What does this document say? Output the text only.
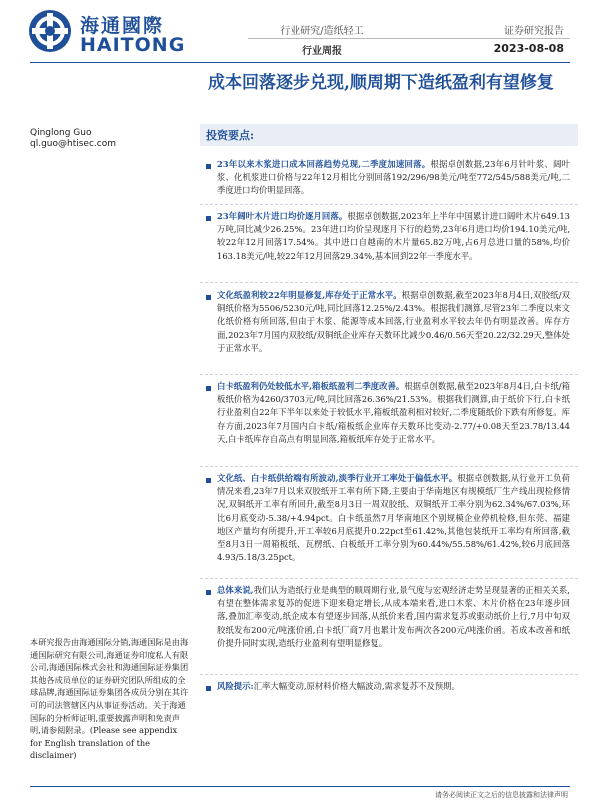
海通國際
HAITONG
行业研究/造纸轻工
行业周报
证券研究报告
2023-08-08
成本回落逐步兑现,顺周期下造纸盈利有望修复
Qinglong Guo
ql.guo@htisec.com
投资要点:
23年以来木浆进口成本回落趋势兑现,二季度加速回落。根据卓创数据,23年6月针叶浆、阔叶浆、化机浆进口价格与22年12月相比分别回落192/296/98美元/吨至772/545/588美元/吨,二季度进口均价明显回落。
23年阔叶木片进口均价逐月回落。根据卓创数据,2023年上半年中国累计进口阔叶木片649.13万吨,同比减少26.25%。23年进口均价呈现逐月下行的趋势,23年6月进口均价194.10美元/吨,较22年12月回落17.54%。其中进口自越南的木片量65.82万吨,占6月总进口量的58%,均价163.18美元/吨,较22年12月回落29.34%,基本回到22年一季度水平。
文化纸盈利较22年明显修复,库存处于正常水平。根据卓创数据,截至2023年8月4日,双胶纸/双铜纸价格为5506/5230元/吨,同比回落12.25%/2.43%。根据我们测算,尽管23年二季度以来文化纸价格有所回落,但由于木浆、能源等成本回落,行业盈利水平较去年仍有明显改善。库存方面,2023年7月国内双胶纸/双铜纸企业库存天数环比减少0.46/0.56天至20.22/32.29天,整体处于正常水平。
白卡纸盈利仍处较低水平,箱板纸盈利二季度改善。根据卓创数据,截至2023年8月4日,白卡纸/箱板纸价格为4260/3703元/吨,同比回落26.36%/21.53%。根据我们测算,由于纸价下行,白卡纸行业盈利自22年下半年以来处于较低水平,箱板纸盈利相对较好,二季度随纸价下跌有所修复。库存方面,2023年7月国内白卡纸/箱板纸企业库存天数环比变动-2.77/+0.08天至23.78/13.44天,白卡纸库存自高点有明显回落,箱板纸库存处于正常水平。
文化纸、白卡纸供给端有所波动,淡季行业开工率处于偏低水平。根据卓创数据,从行业开工负荷情况来看,23年7月以来双胶纸开工率有所下降,主要由于华南地区有规模纸厂生产线出现检修情况,双铜纸开工率有所回升,截至8月3日一周双胶纸、双铜纸开工率分别为62.34%/67.03%,环比6月底变动-5.38/+4.94pct。白卡纸虽然7月华南地区个别规模企业停机检修,但东莞、福建地区产量均有所提升,开工率较6月底提升0.22pct至61.42%,其他包装纸开工率均有所回落,截至8月3日一周箱板纸、瓦楞纸、白板纸开工率分别为60.44%/55.58%/61.42%,较6月底回落4.93/5.18/3.25pct。
总体来说,我们认为造纸行业是典型的顺周期行业,景气度与宏观经济走势呈现显著的正相关关系,有望在整体需求复苏的促进下迎来稳定增长,从成本端来看,进口木浆、木片价格在23年逐步回落,叠加汇率变动,纸企成本有望逐步回落,从纸价来看,国内需求复苏或驱动纸价上行,7月中旬双胶纸发布200元/吨涨价函,白卡纸厂商7月也累计发布两次各200元/吨涨价函。若成本改善和纸价提升同时实现,造纸行业盈利有望明显修复。
风险提示:汇率大幅变动,原材料价格大幅波动,需求复苏不及预期。
本研究报告由海通国际分销,海通国际是由海通国际研究有限公司,海通证券印度私人有限公司,海通国际株式会社和海通国际证券集团其他各成员单位的证券研究团队所组成的全球品牌,海通国际证券集团各成员分别在其许可的司法管辖区内从事证券活动。关于海通国际的分析师证明,重要披露声明和免责声明,请参阅附录。(Please see appendix for English translation of the disclaimer)
请务必阅读正文之后的信息披露和法律声明
